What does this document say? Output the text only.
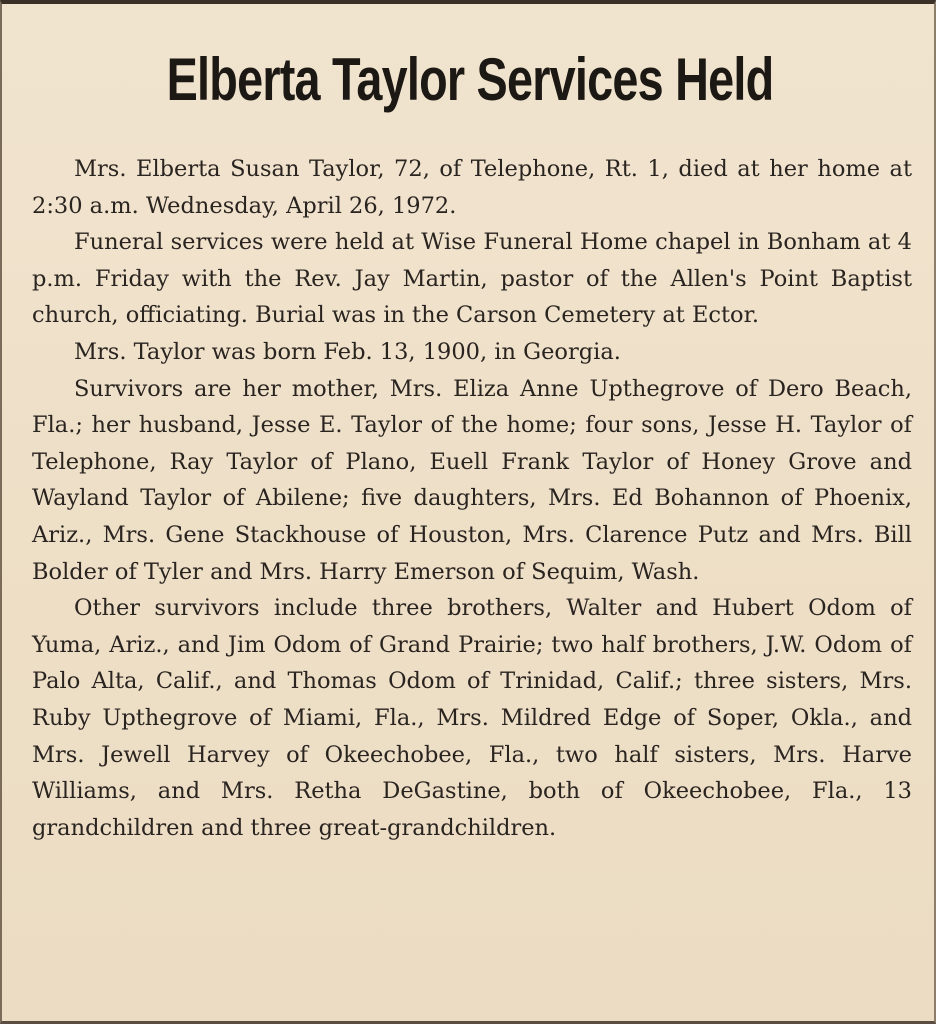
Elberta Taylor Services Held

Mrs. Elberta Susan Taylor, 72, of Telephone, Rt. 1, died at her home at 2:30 a.m. Wednesday, April 26, 1972.

Funeral services were held at Wise Funeral Home chapel in Bonham at 4 p.m. Friday with the Rev. Jay Martin, pastor of the Allen's Point Baptist church, officiating. Burial was in the Carson Cemetery at Ector.

Mrs. Taylor was born Feb. 13, 1900, in Georgia.

Survivors are her mother, Mrs. Eliza Anne Upthegrove of Dero Beach, Fla.; her husband, Jesse E. Taylor of the home; four sons, Jesse H. Taylor of Telephone, Ray Taylor of Plano, Euell Frank Taylor of Honey Grove and Wayland Taylor of Abilene; five daughters, Mrs. Ed Bohannon of Phoenix, Ariz., Mrs. Gene Stackhouse of Houston, Mrs. Clarence Putz and Mrs. Bill Bolder of Tyler and Mrs. Harry Emerson of Sequim, Wash.

Other survivors include three brothers, Walter and Hubert Odom of Yuma, Ariz., and Jim Odom of Grand Prairie; two half brothers, J.W. Odom of Palo Alta, Calif., and Thomas Odom of Trinidad, Calif.; three sisters, Mrs. Ruby Upthegrove of Miami, Fla., Mrs. Mildred Edge of Soper, Okla., and Mrs. Jewell Harvey of Okeechobee, Fla., two half sisters, Mrs. Harve Williams, and Mrs. Retha DeGastine, both of Okeechobee, Fla., 13 grandchildren and three great-grandchildren.
